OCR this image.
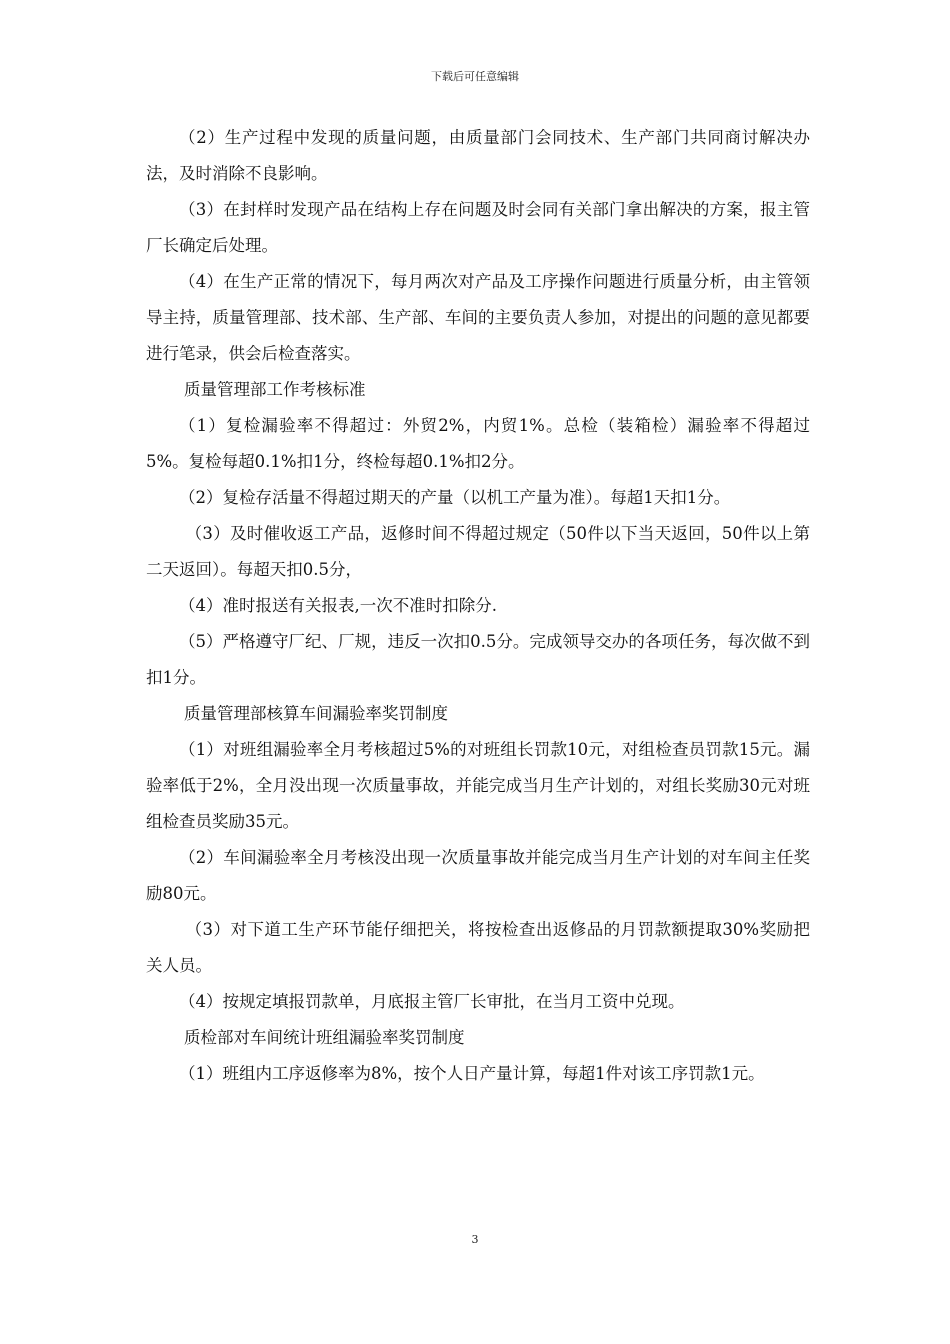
下载后可任意编辑

（2）生产过程中发现的质量问题，由质量部门会同技术、生产部门共同商讨解决办法，及时消除不良影响。

（3）在封样时发现产品在结构上存在问题及时会同有关部门拿出解决的方案，报主管厂长确定后处理。

（4）在生产正常的情况下，每月两次对产品及工序操作问题进行质量分析，由主管领导主持，质量管理部、技术部、生产部、车间的主要负责人参加，对提出的问题的意见都要进行笔录，供会后检查落实。

质量管理部工作考核标准

（1）复检漏验率不得超过：外贸2%，内贸1%。总检（装箱检）漏验率不得超过5%。复检每超0.1%扣1分，终检每超0.1%扣2分。

（2）复检存活量不得超过期天的产量（以机工产量为准）。每超1天扣1分。

（3）及时催收返工产品，返修时间不得超过规定（50件以下当天返回，50件以上第二天返回）。每超天扣0.5分，

（4）准时报送有关报表,一次不准时扣除分.

（5）严格遵守厂纪、厂规，违反一次扣0.5分。完成领导交办的各项任务，每次做不到扣1分。

质量管理部核算车间漏验率奖罚制度

（1）对班组漏验率全月考核超过5%的对班组长罚款10元，对组检查员罚款15元。漏验率低于2%，全月没出现一次质量事故，并能完成当月生产计划的，对组长奖励30元对班组检查员奖励35元。

（2）车间漏验率全月考核没出现一次质量事故并能完成当月生产计划的对车间主任奖励80元。

（3）对下道工生产环节能仔细把关，将按检查出返修品的月罚款额提取30%奖励把关人员。

（4）按规定填报罚款单，月底报主管厂长审批，在当月工资中兑现。

质检部对车间统计班组漏验率奖罚制度

（1）班组内工序返修率为8%，按个人日产量计算，每超1件对该工序罚款1元。

3
